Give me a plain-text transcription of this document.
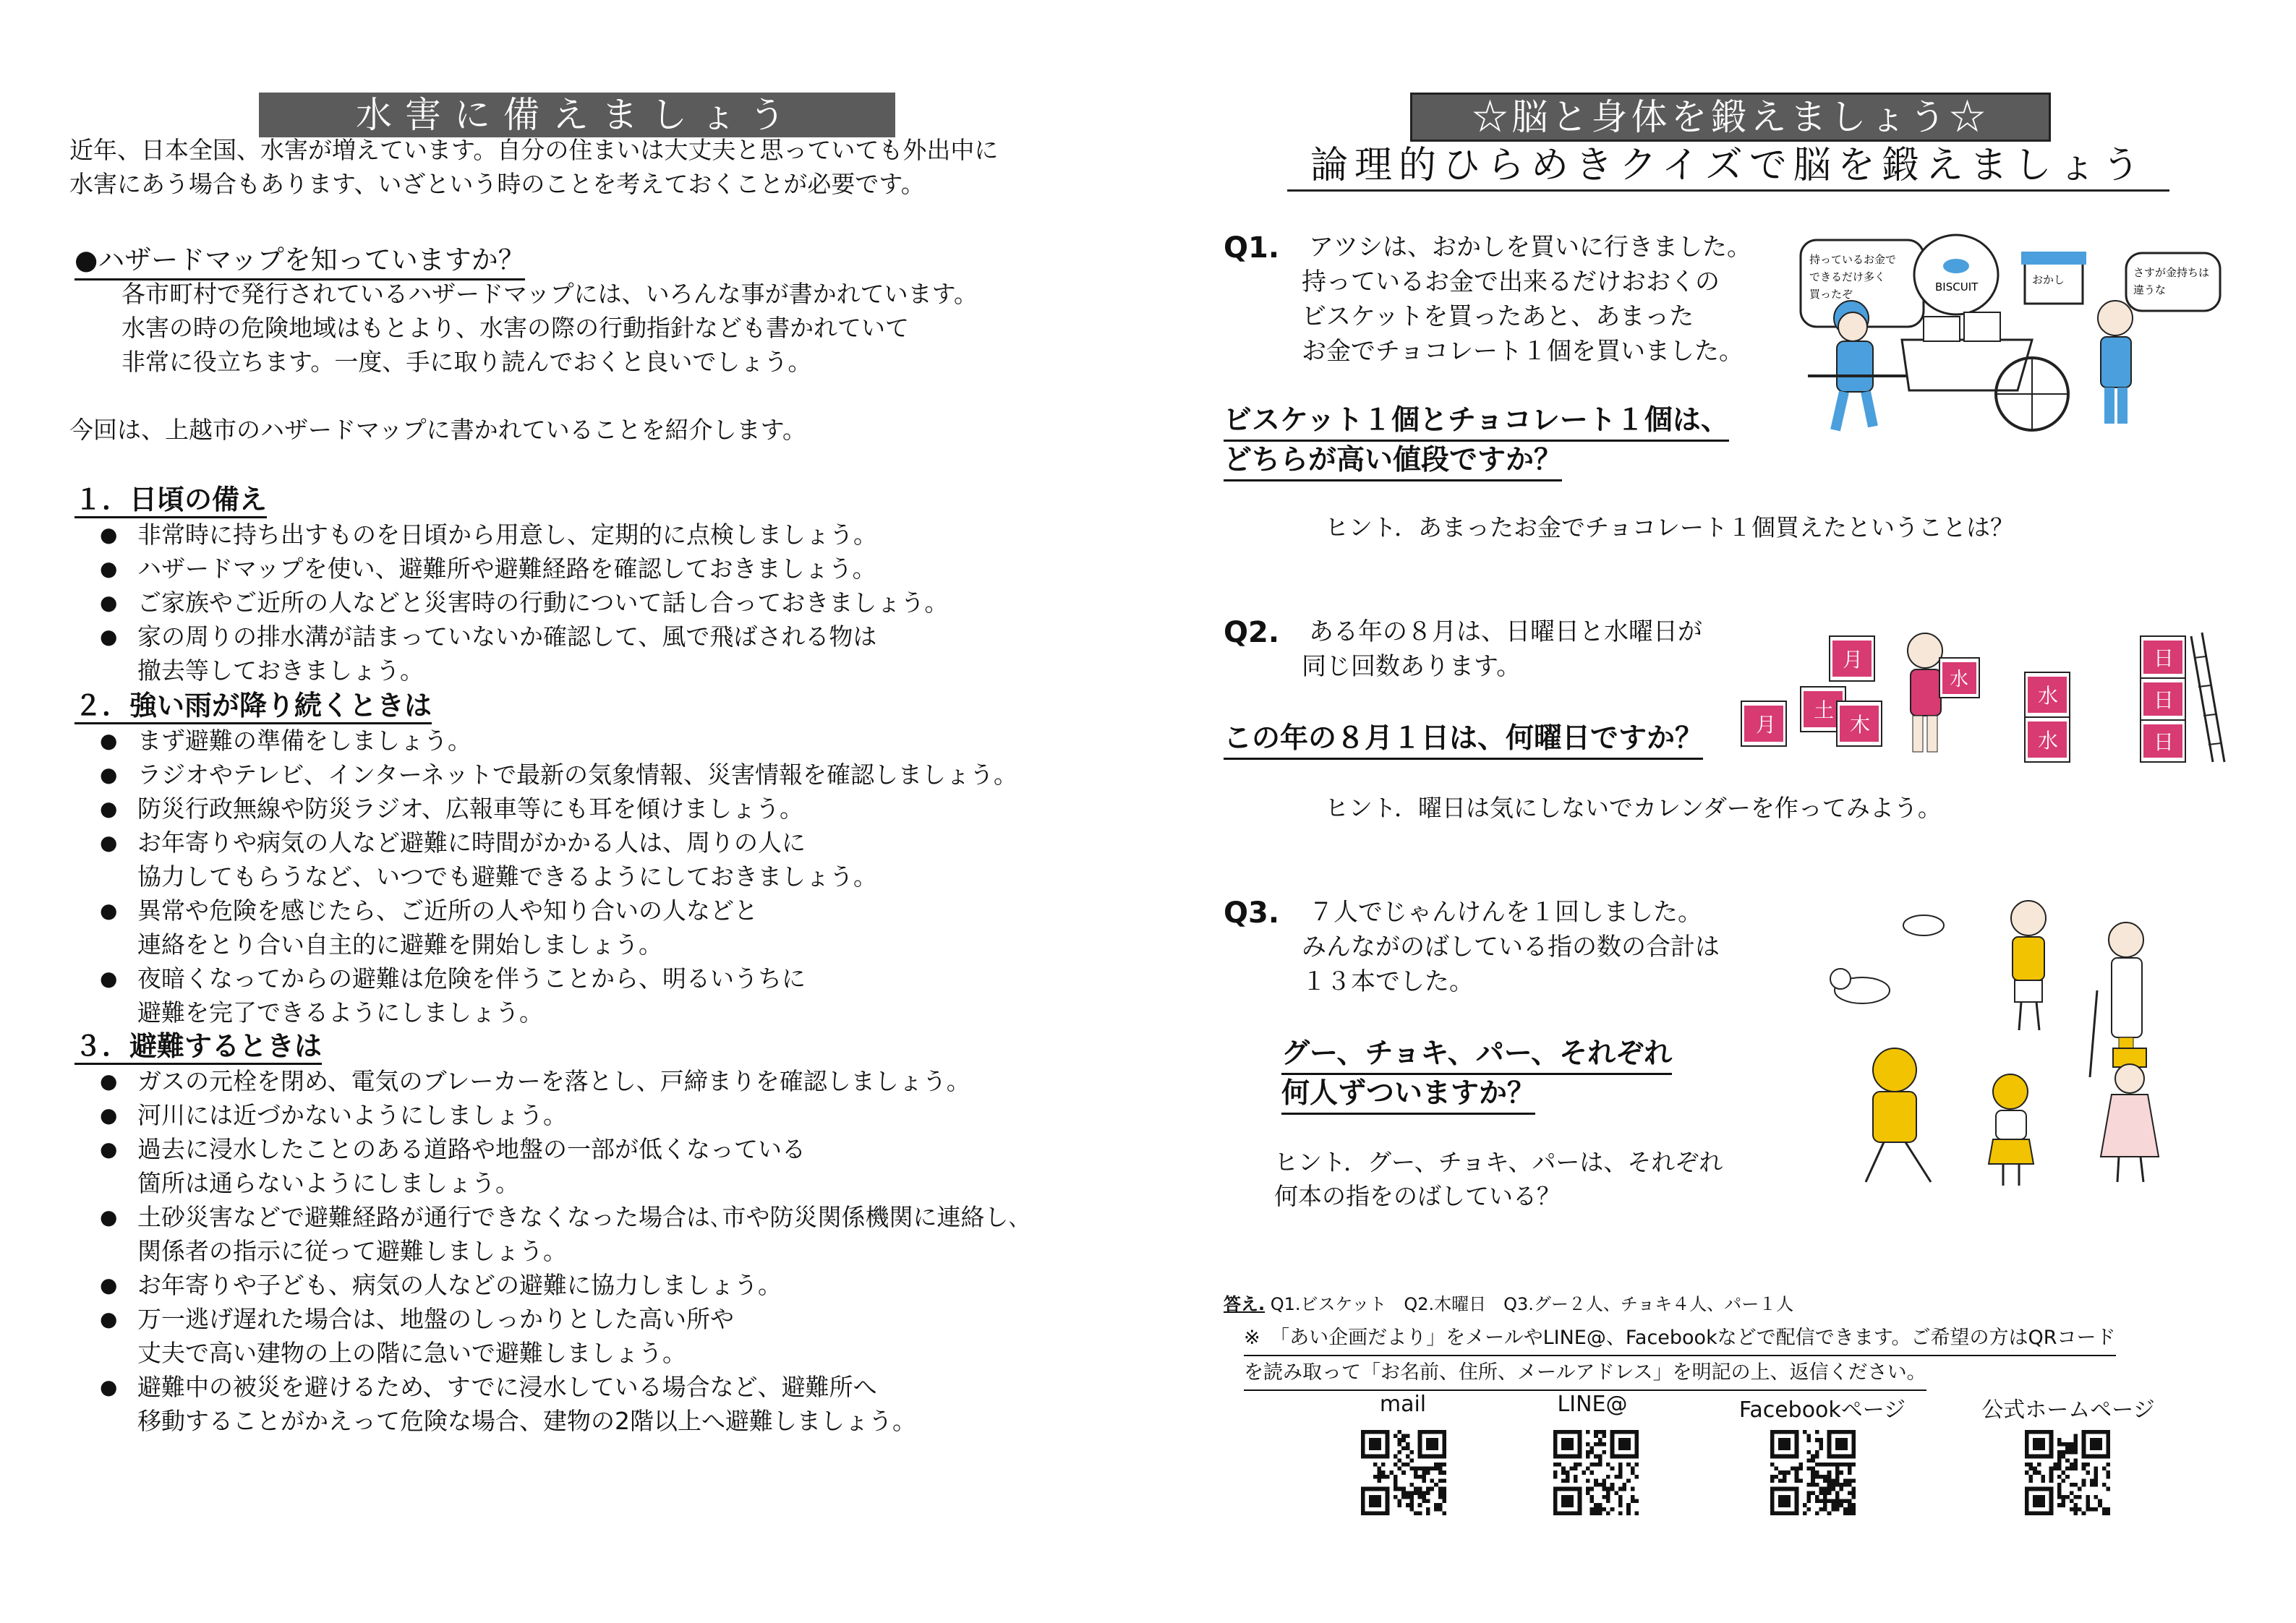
水害に備えましょう
近年、日本全国、水害が増えています。自分の住まいは大丈夫と思っていても外出中に
水害にあう場合もあります、いざという時のことを考えておくことが必要です。
●ハザードマップを知っていますか？
各市町村で発行されているハザードマップには、いろんな事が書かれています。
水害の時の危険地域はもとより、水害の際の行動指針なども書かれていて
非常に役立ちます。一度、手に取り読んでおくと良いでしょう。
今回は、上越市のハザードマップに書かれていることを紹介します。
１．日頃の備え
● 非常時に持ち出すものを日頃から用意し、定期的に点検しましょう。
● ハザードマップを使い、避難所や避難経路を確認しておきましょう。
● ご家族やご近所の人などと災害時の行動について話し合っておきましょう。
● 家の周りの排水溝が詰まっていないか確認して、風で飛ばされる物は
撤去等しておきましょう。
２．強い雨が降り続くときは
● まず避難の準備をしましょう。
● ラジオやテレビ、インターネットで最新の気象情報、災害情報を確認しましょう。
● 防災行政無線や防災ラジオ、広報車等にも耳を傾けましょう。
● お年寄りや病気の人など避難に時間がかかる人は、周りの人に
協力してもらうなど、いつでも避難できるようにしておきましょう。
● 異常や危険を感じたら、ご近所の人や知り合いの人などと
連絡をとり合い自主的に避難を開始しましょう。
● 夜暗くなってからの避難は危険を伴うことから、明るいうちに
避難を完了できるようにしましょう。
３．避難するときは
● ガスの元栓を閉め、電気のブレーカーを落とし、戸締まりを確認しましょう。
● 河川には近づかないようにしましょう。
● 過去に浸水したことのある道路や地盤の一部が低くなっている
箇所は通らないようにしましょう。
● 土砂災害などで避難経路が通行できなくなった場合は､市や防災関係機関に連絡し､
関係者の指示に従って避難しましょう。
● お年寄りや子ども、病気の人などの避難に協力しましょう。
● 万一逃げ遅れた場合は、地盤のしっかりとした高い所や
丈夫で高い建物の上の階に急いで避難しましょう。
● 避難中の被災を避けるため、すでに浸水している場合など、避難所へ
移動することがかえって危険な場合、建物の2階以上へ避難しましょう。
☆脳と身体を鍛えましょう☆
論理的ひらめきクイズで脳を鍛えましょう
Q1. アツシは、おかしを買いに行きました。
持っているお金で出来るだけおおくの
ビスケットを買ったあと、あまった
お金でチョコレート１個を買いました。
ビスケット１個とチョコレート１個は、
どちらが高い値段ですか？
ヒント．あまったお金でチョコレート１個買えたということは？
持っているお金で
できるだけ多く
買ったぞ
BISCUIT
おかし
さすが金持ちは
違うな
Q2. ある年の８月は、日曜日と水曜日が
同じ回数あります。
この年の８月１日は、何曜日ですか？
ヒント．曜日は気にしないでカレンダーを作ってみよう。
月
土
木
月
水
水
水
日
日
日
Q3. ７人でじゃんけんを１回しました。
みんながのばしている指の数の合計は
１３本でした。
グー、チョキ、パー、それぞれ
何人ずついますか？
ヒント．グー、チョキ、パーは、それぞれ
何本の指をのばしている？
答え. Q1.ビスケット　Q2.木曜日　Q3.グー２人、チョキ４人、パー１人
※　「あい企画だより」をメールやLINE@、Facebookなどで配信できます。ご希望の方はQRコード
を読み取って「お名前、住所、メールアドレス」を明記の上、返信ください。
mail	LINE@	Facebookページ	公式ホームページ
